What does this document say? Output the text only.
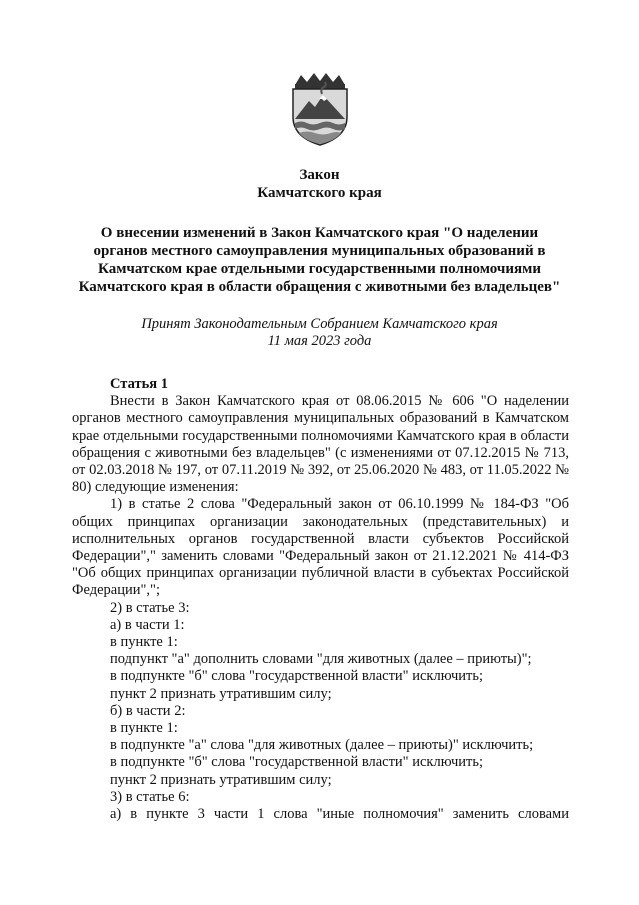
Закон
Камчатского края
О внесении изменений в Закон Камчатского края "О наделении
органов местного самоуправления муниципальных образований в
Камчатском крае отдельными государственными полномочиями
Камчатского края в области обращения с животными без владельцев"
Принят Законодательным Собранием Камчатского края
11 мая 2023 года
Статья 1

Внести в Закон Камчатского края от 08.06.2015 № 606 "О наделении органов местного самоуправления муниципальных образований в Камчатском крае отдельными государственными полномочиями Камчатского края в области обращения с животными без владельцев" (с изменениями от 07.12.2015 № 713, от 02.03.2018 № 197, от 07.11.2019 № 392, от 25.06.2020 № 483, от 11.05.2022 № 80) следующие изменения:

1) в статье 2 слова "Федеральный закон от 06.10.1999 № 184-ФЗ "Об общих принципах организации законодательных (представительных) и исполнительных органов государственной власти субъектов Российской Федерации"," заменить словами "Федеральный закон от 21.12.2021 № 414-ФЗ "Об общих принципах организации публичной власти в субъектах Российской Федерации",";

2) в статье 3:

а) в части 1:

в пункте 1:

подпункт "а" дополнить словами "для животных (далее – приюты)";

в подпункте "б" слова "государственной власти" исключить;

пункт 2 признать утратившим силу;

б) в части 2:

в пункте 1:

в подпункте "а" слова "для животных (далее – приюты)" исключить;

в подпункте "б" слова "государственной власти" исключить;

пункт 2 признать утратившим силу;

3) в статье 6:

а) в пункте 3 части 1 слова "иные полномочия" заменить словами
